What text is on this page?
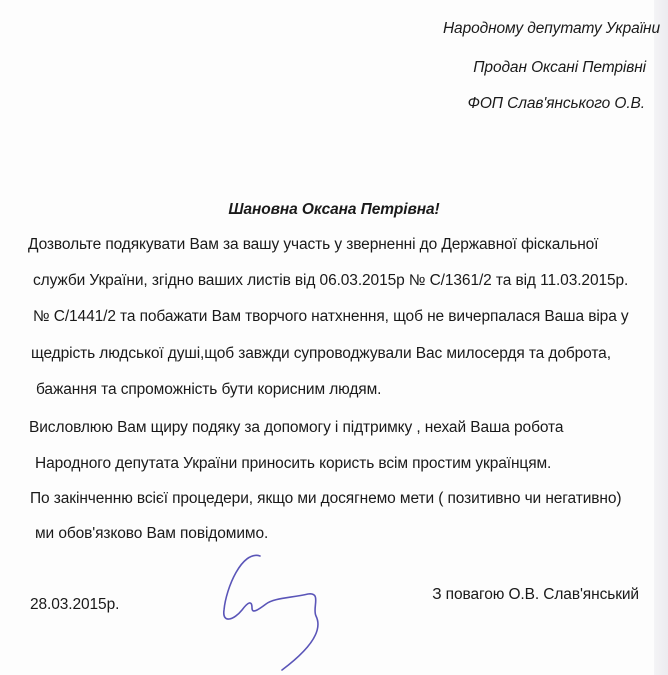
Народному депутату України
Продан Оксані Петрівні
ФОП Слав'янського О.В.
Шановна Оксана Петрівна!
Дозвольте подякувати Вам за вашу участь у зверненні до Державної фіскальної
служби України, згідно ваших листів від 06.03.2015р № С/1361/2 та від 11.03.2015р.
№ С/1441/2 та побажати Вам творчого натхнення, щоб не вичерпалася Ваша віра у
щедрість людської душі,щоб завжди супроводжували Вас милосердя та доброта,
бажання та спроможність бути корисним людям.
Висловлюю Вам щиру подяку за допомогу і підтримку , нехай Ваша робота
Народного депутата України приносить користь всім простим українцям.
По закінченню всієї процедери, якщо ми досягнемо мети ( позитивно чи негативно)
ми обов'язково Вам повідомимо.
28.03.2015р.
З повагою О.В. Слав'янський
